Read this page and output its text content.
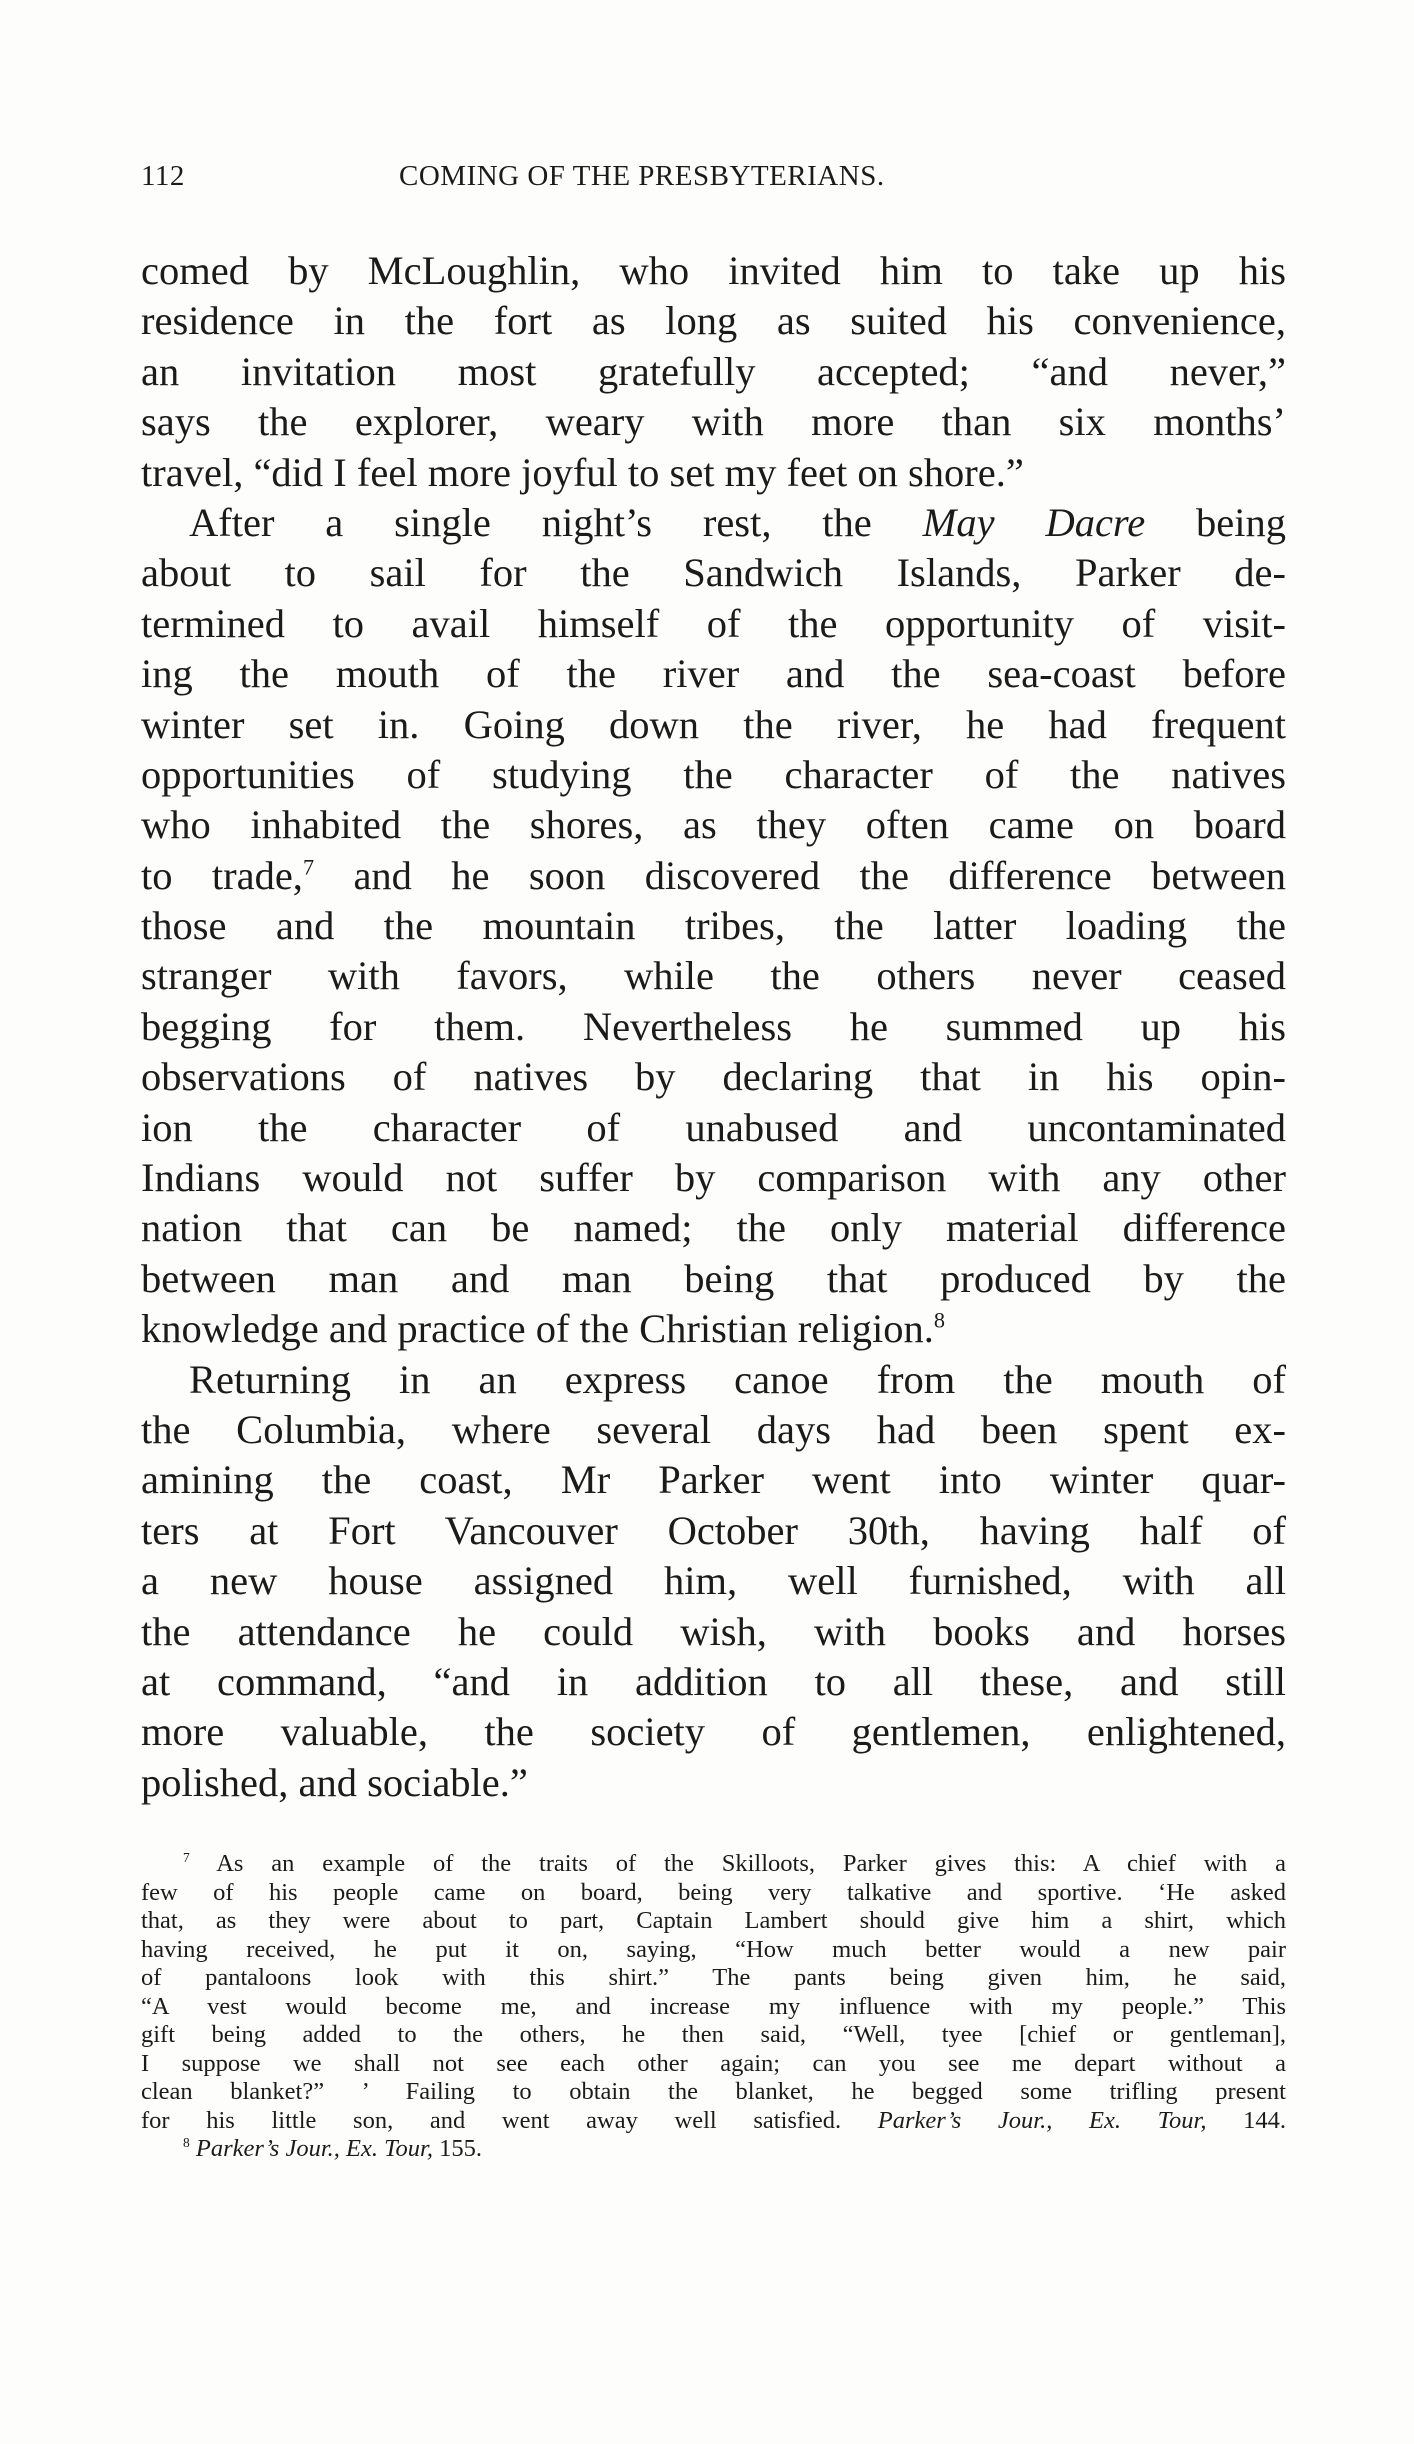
112	COMING OF THE PRESBYTERIANS.
comed by McLoughlin, who invited him to take up his
residence in the fort as long as suited his convenience,
an invitation most gratefully accepted; “and never,”
says the explorer, weary with more than six months’
travel, “did I feel more joyful to set my feet on shore.”
After a single night’s rest, the May Dacre being
about to sail for the Sandwich Islands, Parker de-
termined to avail himself of the opportunity of visit-
ing the mouth of the river and the sea-coast before
winter set in. Going down the river, he had frequent
opportunities of studying the character of the natives
who inhabited the shores, as they often came on board
to trade,$^7$ and he soon discovered the difference between
those and the mountain tribes, the latter loading the
stranger with favors, while the others never ceased
begging for them. Nevertheless he summed up his
observations of natives by declaring that in his opin-
ion the character of unabused and uncontaminated
Indians would not suffer by comparison with any other
nation that can be named; the only material difference
between man and man being that produced by the
knowledge and practice of the Christian religion.$^8$
Returning in an express canoe from the mouth of
the Columbia, where several days had been spent ex-
amining the coast, Mr Parker went into winter quar-
ters at Fort Vancouver October 30th, having half of
a new house assigned him, well furnished, with all
the attendance he could wish, with books and horses
at command, “and in addition to all these, and still
more valuable, the society of gentlemen, enlightened,
polished, and sociable.”
$^7$ As an example of the traits of the Skilloots, Parker gives this: A chief with a
few of his people came on board, being very talkative and sportive. ‘He asked
that, as they were about to part, Captain Lambert should give him a shirt, which
having received, he put it on, saying, “How much better would a new pair
of pantaloons look with this shirt.” The pants being given him, he said,
“A vest would become me, and increase my influence with my people.” This
gift being added to the others, he then said, “Well, tyee [chief or gentleman],
I suppose we shall not see each other again; can you see me depart without a
clean blanket?” ’ Failing to obtain the blanket, he begged some trifling present
for his little son, and went away well satisfied. Parker’s Jour., Ex. Tour, 144.
$^8$ Parker’s Jour., Ex. Tour, 155.
